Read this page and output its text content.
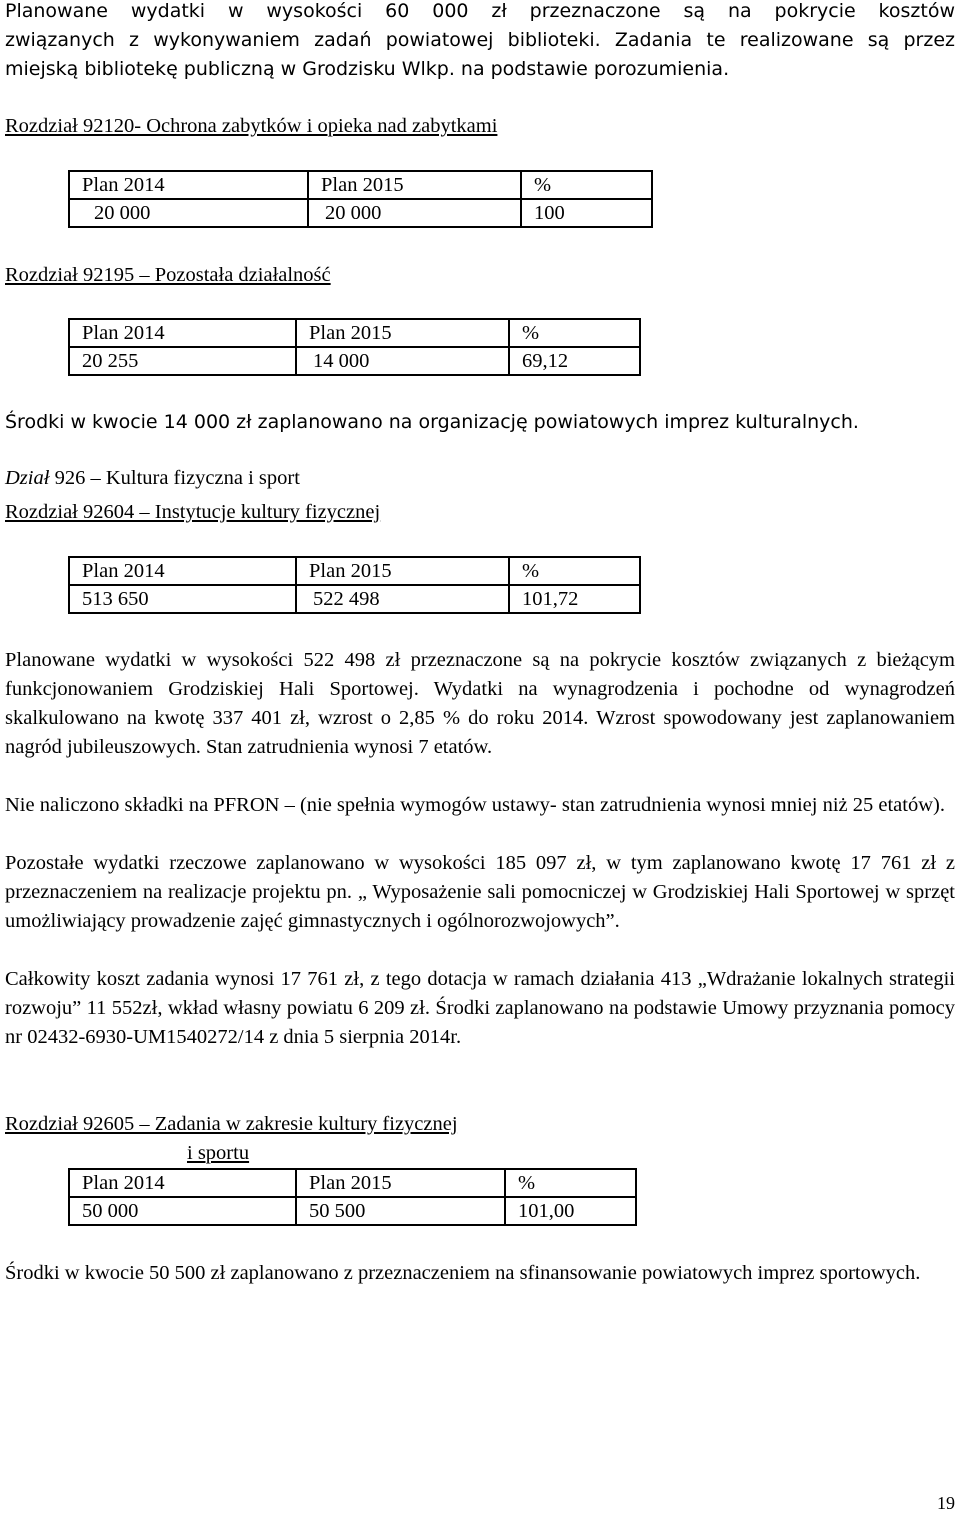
Planowane wydatki w wysokości 60 000 zł przeznaczone są na pokrycie kosztów
związanych z wykonywaniem zadań powiatowej biblioteki. Zadania te realizowane są przez
miejską bibliotekę publiczną w Grodzisku Wlkp. na podstawie porozumienia.
Rozdział 92120- Ochrona zabytków i opieka nad zabytkami
Plan 2014	Plan 2015	%
20 000	20 000	100
Rozdział 92195 – Pozostała działalność
Plan 2014	Plan 2015	%
20 255	14 000	69,12
Środki w kwocie 14 000 zł zaplanowano na organizację powiatowych imprez kulturalnych.
Dział 926 – Kultura fizyczna i sport
Rozdział 92604 – Instytucje kultury fizycznej
Plan 2014	Plan 2015	%
513 650	522 498	101,72
Planowane wydatki w wysokości 522 498 zł przeznaczone są na pokrycie kosztów związanych z bieżącym funkcjonowaniem Grodziskiej Hali Sportowej. Wydatki na wynagrodzenia i pochodne od wynagrodzeń skalkulowano na kwotę 337 401 zł, wzrost o 2,85 % do roku 2014. Wzrost spowodowany jest zaplanowaniem nagród jubileuszowych. Stan zatrudnienia wynosi 7 etatów.
Nie naliczono składki na PFRON – (nie spełnia wymogów ustawy- stan zatrudnienia wynosi mniej niż 25 etatów).
Pozostałe wydatki rzeczowe zaplanowano w wysokości 185 097 zł, w tym zaplanowano kwotę 17 761 zł z przeznaczeniem na realizacje projektu pn. „ Wyposażenie sali pomocniczej w Grodziskiej Hali Sportowej w sprzęt umożliwiający prowadzenie zajęć gimnastycznych i ogólnorozwojowych”.
Całkowity koszt zadania wynosi 17 761 zł, z tego dotacja w ramach działania 413 „Wdrażanie lokalnych strategii rozwoju” 11 552zł, wkład własny powiatu 6 209 zł. Środki zaplanowano na podstawie Umowy przyznania pomocy nr 02432-6930-UM1540272/14 z dnia 5 sierpnia 2014r.
Rozdział 92605 – Zadania w zakresie kultury fizycznej
i sportu
Plan 2014	Plan 2015	%
50 000	50 500	101,00
Środki w kwocie 50 500 zł zaplanowano z przeznaczeniem na sfinansowanie powiatowych imprez sportowych.
19
